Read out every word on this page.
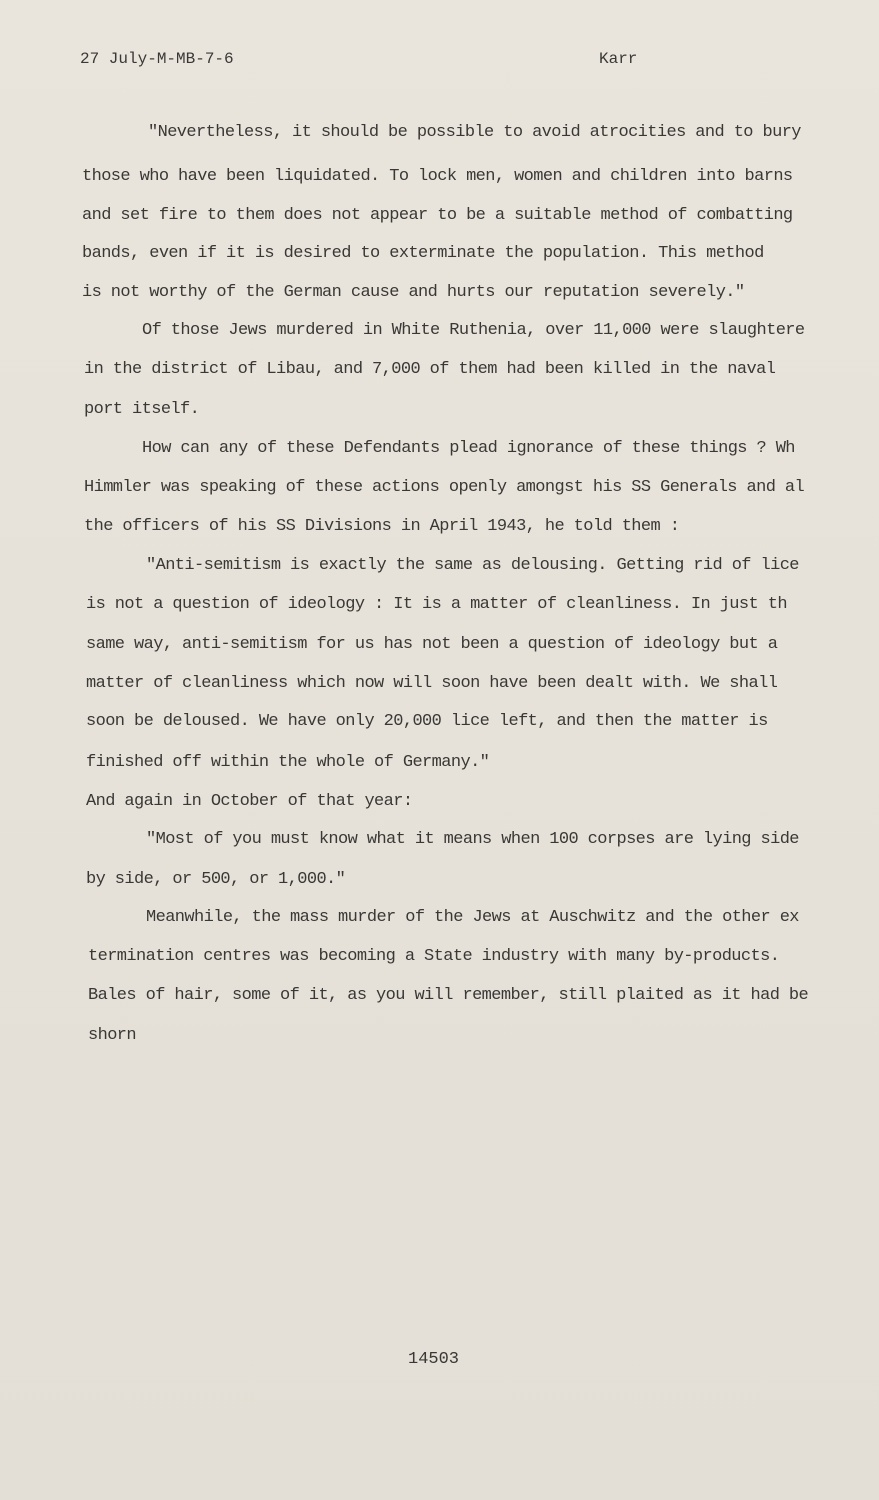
27 July-M-MB-7-6	Karr
"Nevertheless, it should be possible to avoid atrocities and to bury
those who have been liquidated. To lock men, women and children into barns
and set fire to them does not appear to be a suitable method of combatting
bands, even if it is desired to exterminate the population. This method
is not worthy of the German cause and hurts our reputation severely."
Of those Jews murdered in White Ruthenia, over 11,000 were slaughtere
in the district of Libau, and 7,000 of them had been killed in the naval
port itself.
How can any of these Defendants plead ignorance of these things ? Wh
Himmler was speaking of these actions openly amongst his SS Generals and al
the officers of his SS Divisions in April 1943, he told them :
"Anti-semitism is exactly the same as delousing. Getting rid of lice
is not a question of ideology : It is a matter of cleanliness. In just th
same way, anti-semitism for us has not been a question of ideology but a
matter of cleanliness which now will soon have been dealt with. We shall
soon be deloused. We have only 20,000 lice left, and then the matter is
finished off within the whole of Germany."
And again in October of that year:
"Most of you must know what it means when 100 corpses are lying side
by side, or 500, or 1,000."
Meanwhile, the mass murder of the Jews at Auschwitz and the other ex
termination centres was becoming a State industry with many by-products.
Bales of hair, some of it, as you will remember, still plaited as it had be
shorn
14503
